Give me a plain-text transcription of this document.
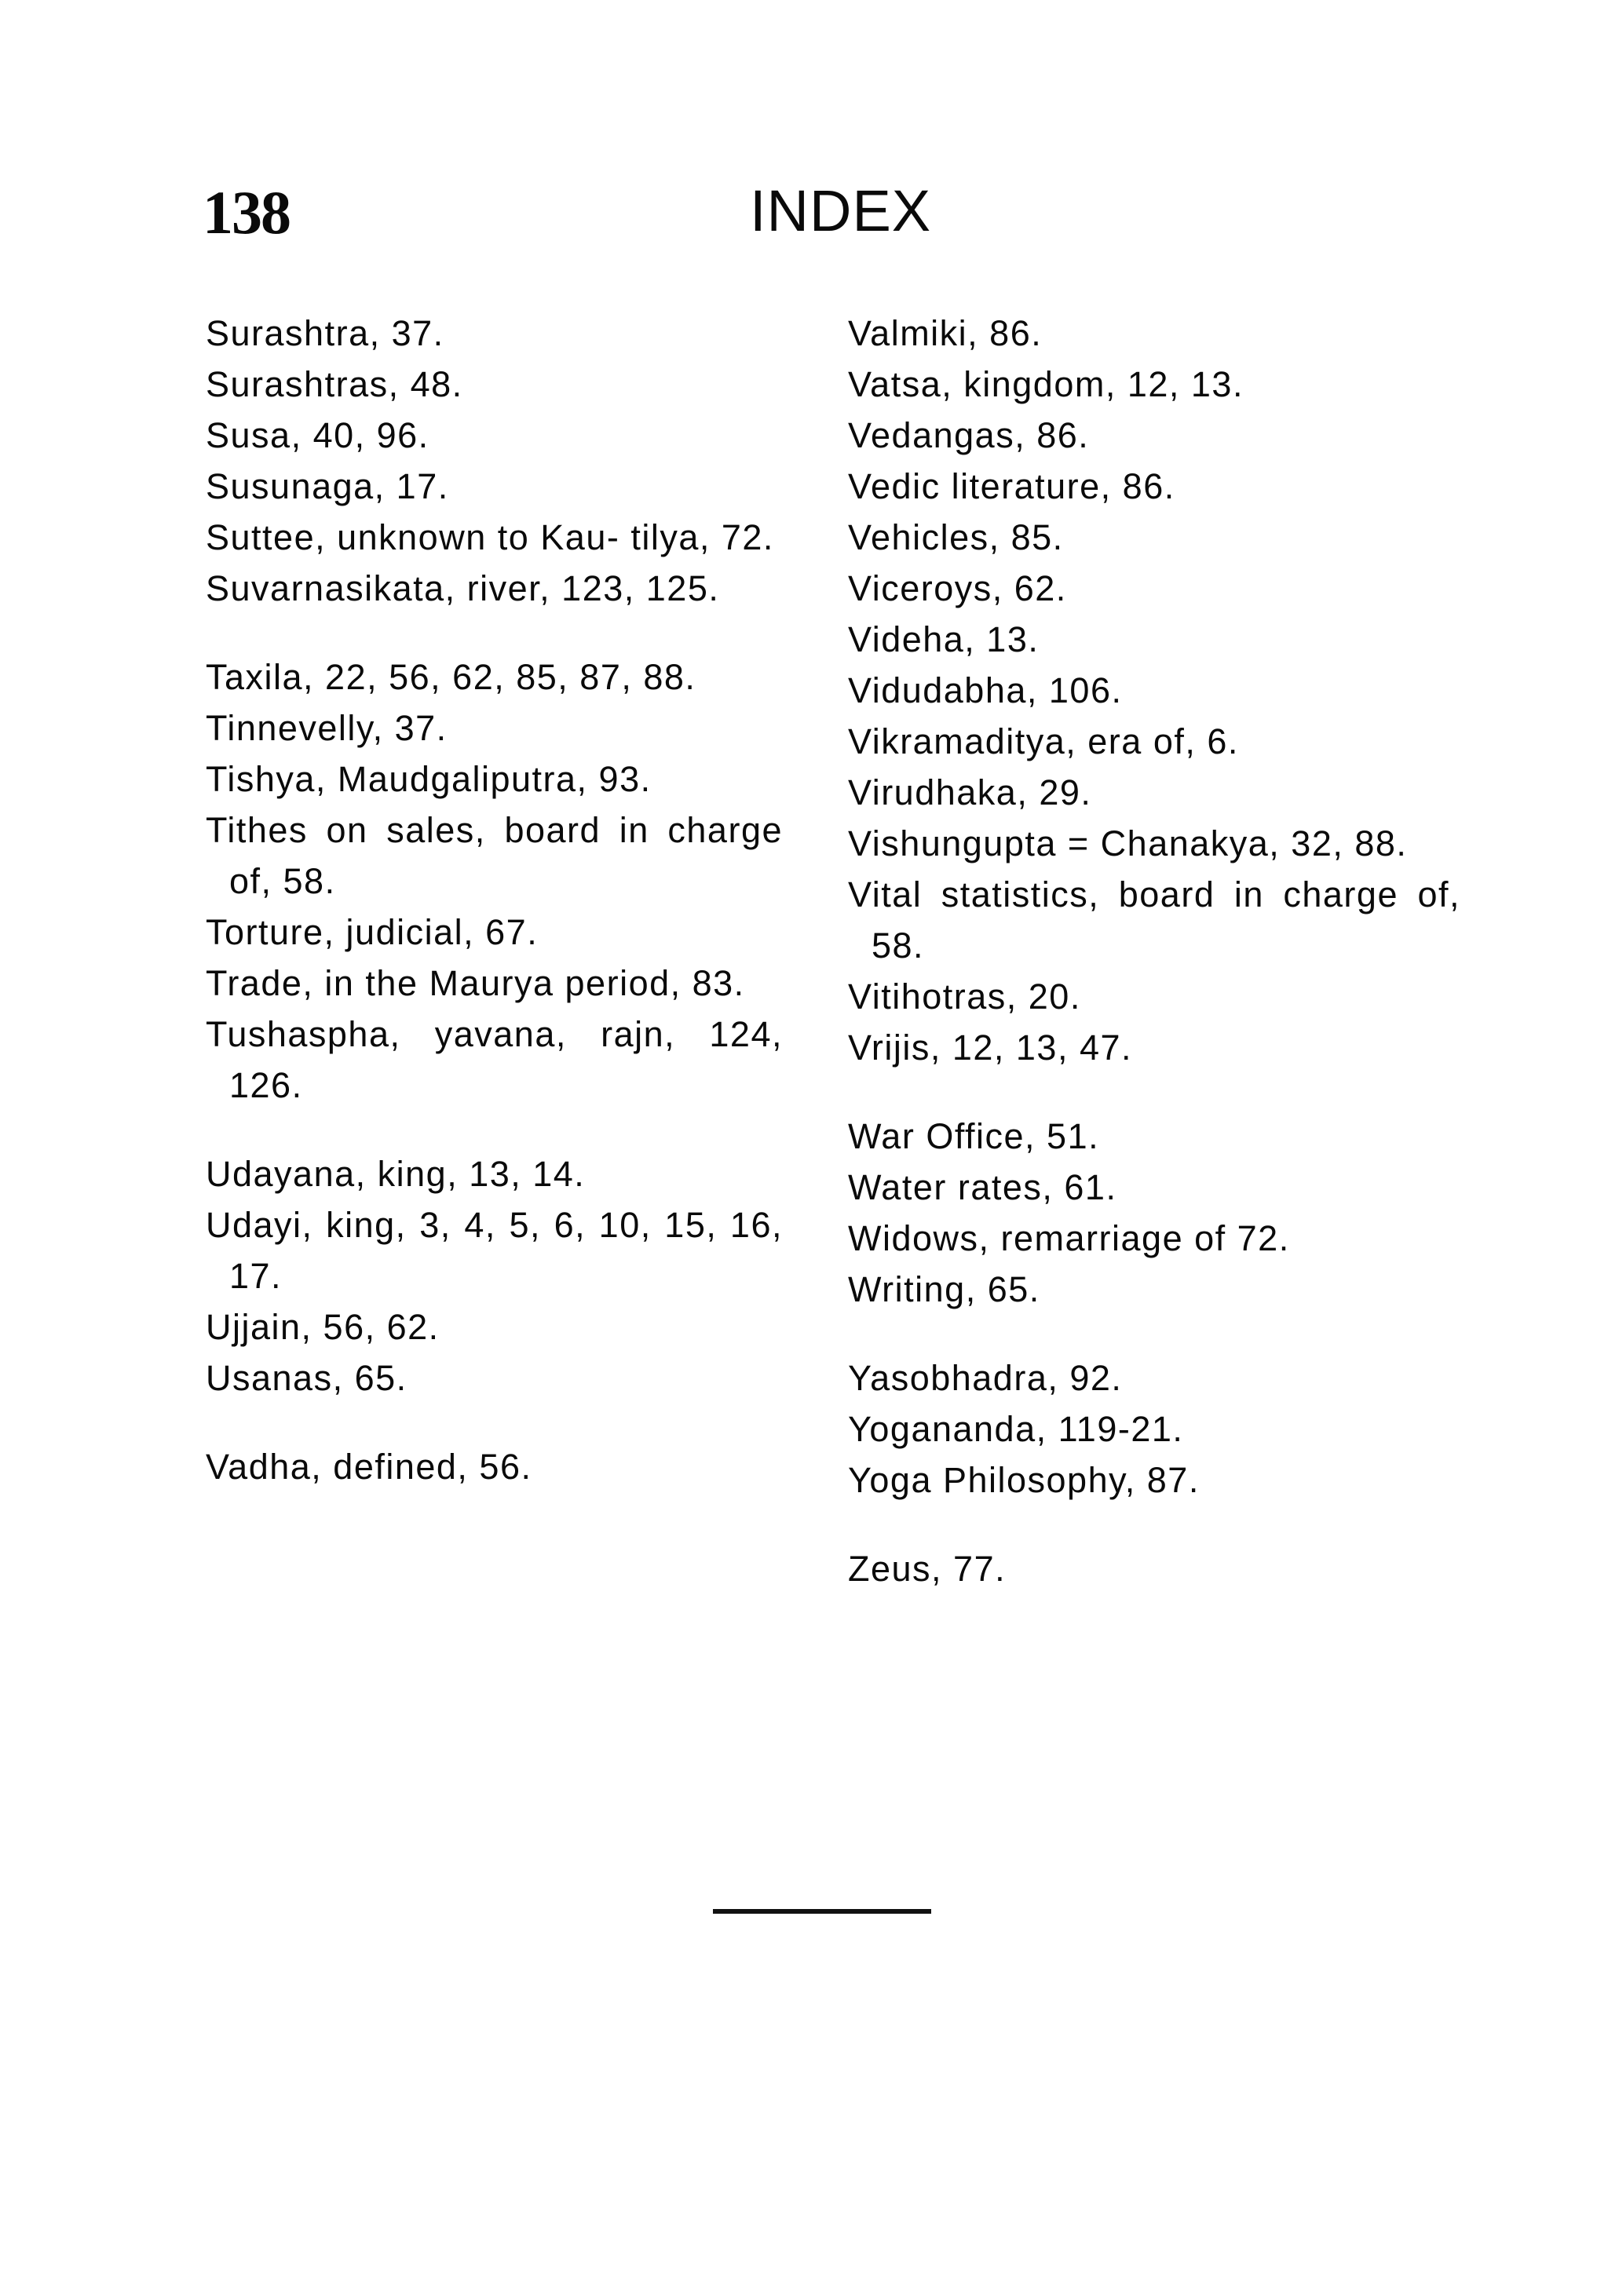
138	INDEX

Surashtra, 37.

Surashtras, 48.

Susa, 40, 96.

Susunaga, 17.

Suttee, unknown to Kau- tilya, 72.

Suvarnasikata, river, 123, 125.

Taxila, 22, 56, 62, 85, 87, 88.

Tinnevelly, 37.

Tishya, Maudgaliputra, 93.

Tithes on sales, board in charge of, 58.

Torture, judicial, 67.

Trade, in the Maurya period, 83.

Tushaspha, yavana, rajn, 124, 126.

Udayana, king, 13, 14.

Udayi, king, 3, 4, 5, 6, 10, 15, 16, 17.

Ujjain, 56, 62.

Usanas, 65.

Vadha, defined, 56.

Valmiki, 86.

Vatsa, kingdom, 12, 13.

Vedangas, 86.

Vedic literature, 86.

Vehicles, 85.

Viceroys, 62.

Videha, 13.

Vidudabha, 106.

Vikramaditya, era of, 6.

Virudhaka, 29.

Vishungupta = Chanakya, 32, 88.

Vital statistics, board in charge of, 58.

Vitihotras, 20.

Vrijis, 12, 13, 47.

War Office, 51.

Water rates, 61.

Widows, remarriage of 72.

Writing, 65.

Yasobhadra, 92.

Yogananda, 119-21.

Yoga Philosophy, 87.

Zeus, 77.
